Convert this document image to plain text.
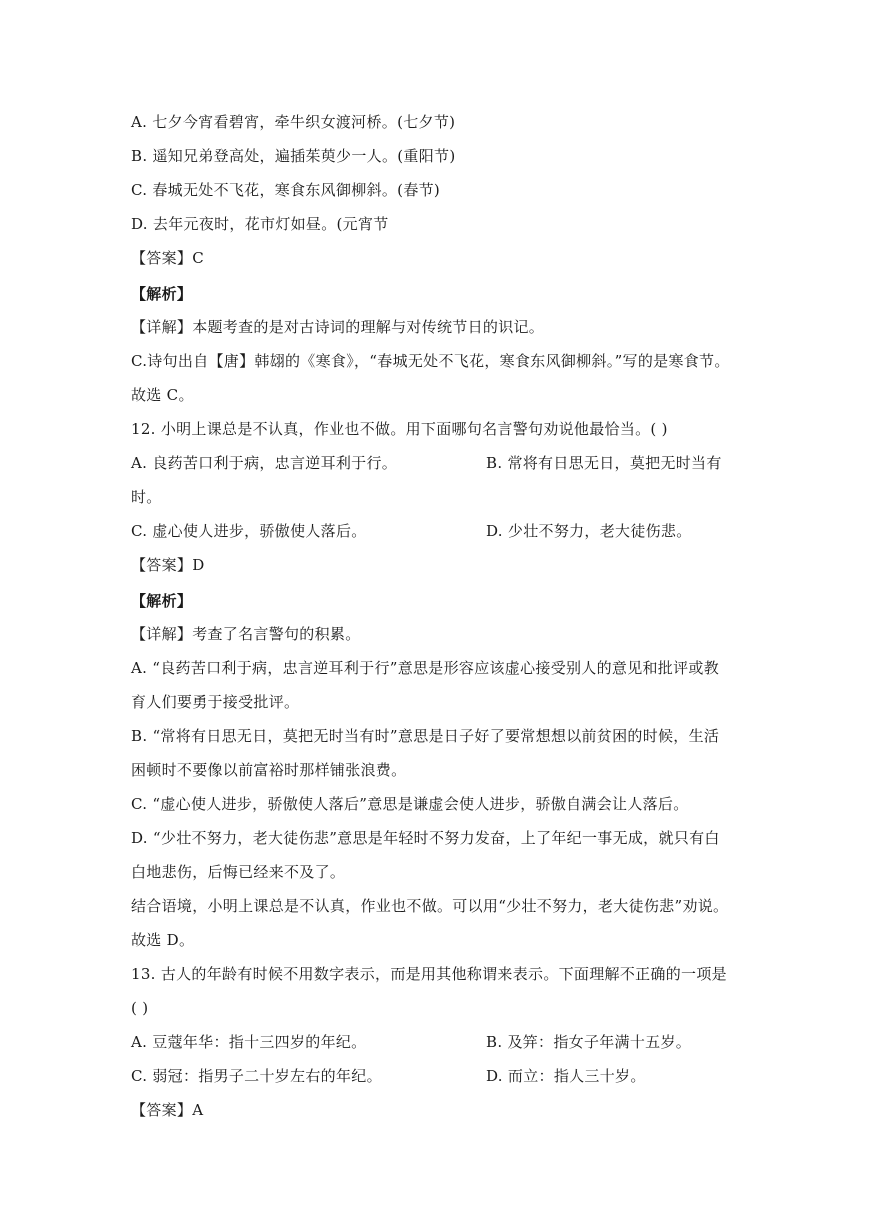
A. 七夕今宵看碧宵，牵牛织女渡河桥。(七夕节)
B. 遥知兄弟登高处，遍插茱萸少一人。(重阳节)
C. 春城无处不飞花，寒食东风御柳斜。(春节)
D. 去年元夜时，花市灯如昼。(元宵节
【答案】C
【解析】
【详解】本题考查的是对古诗词的理解与对传统节日的识记。
C.诗句出自【唐】韩翃的《寒食》，“春城无处不飞花，寒食东风御柳斜。”写的是寒食节。
故选 C。
12. 小明上课总是不认真，作业也不做。用下面哪句名言警句劝说他最恰当。( )
A. 良药苦口利于病，忠言逆耳利于行。	B. 常将有日思无日，莫把无时当有
时。
C. 虚心使人进步，骄傲使人落后。	D. 少壮不努力，老大徒伤悲。
【答案】D
【解析】
【详解】考查了名言警句的积累。
A. “良药苦口利于病，忠言逆耳利于行”意思是形容应该虚心接受别人的意见和批评或教
育人们要勇于接受批评。
B. “常将有日思无日，莫把无时当有时”意思是日子好了要常想想以前贫困的时候，生活
困顿时不要像以前富裕时那样铺张浪费。
C. “虚心使人进步，骄傲使人落后”意思是谦虚会使人进步，骄傲自满会让人落后。
D. “少壮不努力，老大徒伤悲”意思是年轻时不努力发奋，上了年纪一事无成，就只有白
白地悲伤，后悔已经来不及了。
结合语境，小明上课总是不认真，作业也不做。可以用“少壮不努力，老大徒伤悲”劝说。
故选 D。
13. 古人的年龄有时候不用数字表示，而是用其他称谓来表示。下面理解不正确的一项是
( )
A. 豆蔻年华：指十三四岁的年纪。	B. 及笄：指女子年满十五岁。
C. 弱冠：指男子二十岁左右的年纪。	D. 而立：指人三十岁。
【答案】A
